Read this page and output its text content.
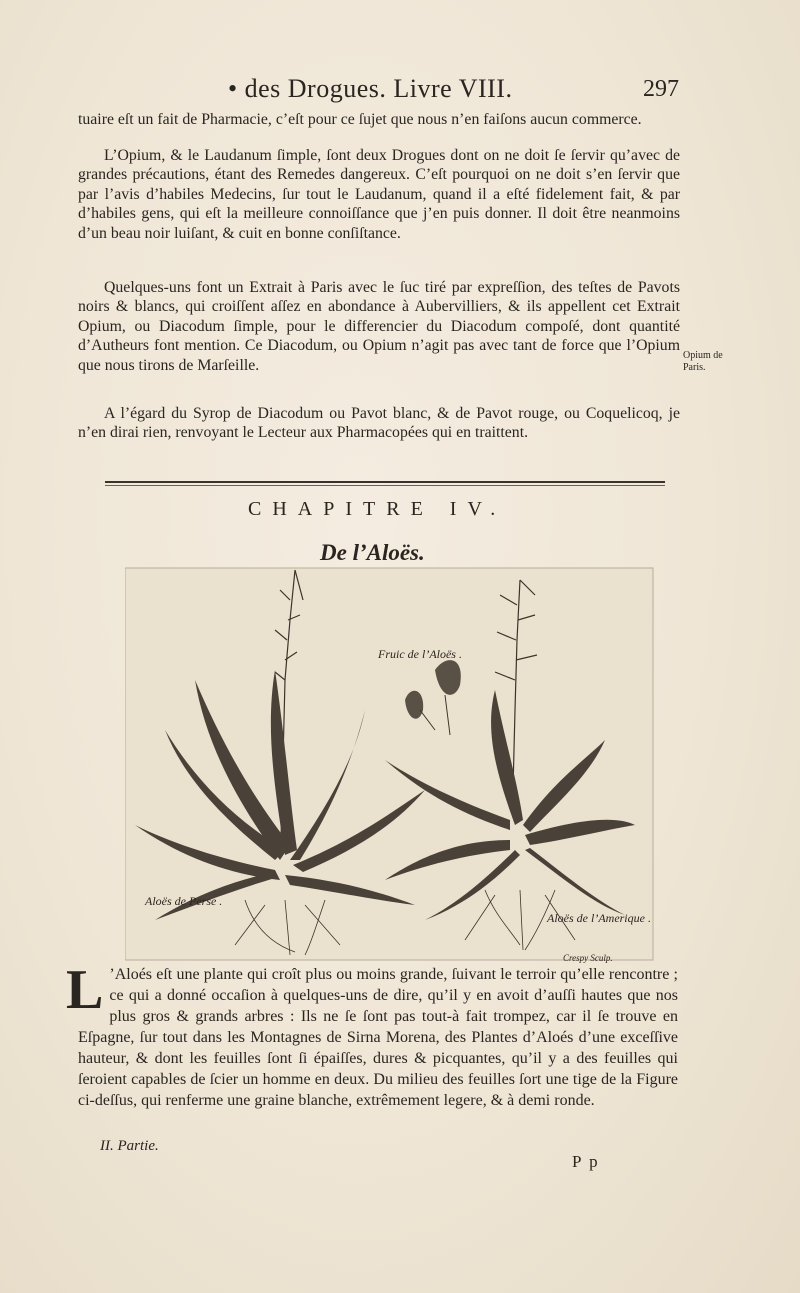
• des Drogues. Livre VIII.	297

tuaire eſt un fait de Pharmacie, c’eſt pour ce ſujet que nous n’en faiſons aucun commerce.

L’Opium, & le Laudanum ſimple, ſont deux Drogues dont on ne doit ſe ſervir qu’avec de grandes précautions, étant des Remedes dangereux. C’eſt pourquoi on ne doit s’en ſervir que par l’avis d’habiles Medecins, ſur tout le Laudanum, quand il a eſté fidelement fait, & par d’habiles gens, qui eſt la meilleure connoiſſance que j’en puis donner. Il doit être neanmoins d’un beau noir luiſant, & cuit en bonne conſiſtance.

Quelques-uns font un Extrait à Paris avec le ſuc tiré par expreſſion, des teſtes de Pavots noirs & blancs, qui croiſſent aſſez en abondance à Aubervilliers, & ils appellent cet Extrait Opium, ou Diacodum ſimple, pour le differencier du Diacodum compoſé, dont quantité d’Autheurs font mention. Ce Diacodum, ou Opium n’agit pas avec tant de force que l’Opium que nous tirons de Marſeille.

A l’égard du Syrop de Diacodum ou Pavot blanc, & de Pavot rouge, ou Coquelicoq, je n’en dirai rien, renvoyant le Lecteur aux Pharmacopées qui en traittent.

Opium de Paris.
CHAPITRE IV.
De l’Aloës.
Fruic de l’Aloës .
Aloës de Perse .
Aloës de l’Amerique .
Crespy Sculp.
L ’Aloés eſt une plante qui croît plus ou moins grande, ſuivant le terroir qu’elle rencontre ; ce qui a donné occaſion à quelques-uns de dire, qu’il y en avoit d’auſſi hautes que nos plus gros & grands arbres : Ils ne ſe ſont pas tout-à fait trompez, car il ſe trouve en Eſpagne, ſur tout dans les Montagnes de Sirna Morena, des Plantes d’Aloés d’une exceſſive hauteur, & dont les feuilles ſont ſi épaiſſes, dures & picquantes, qu’il y a des feuilles qui ſeroient capables de ſcier un homme en deux. Du milieu des feuilles ſort une tige de la Figure ci-deſſus, qui renferme une graine blanche, extrêmement legere, & à demi ronde.
II. Partie.
P p
